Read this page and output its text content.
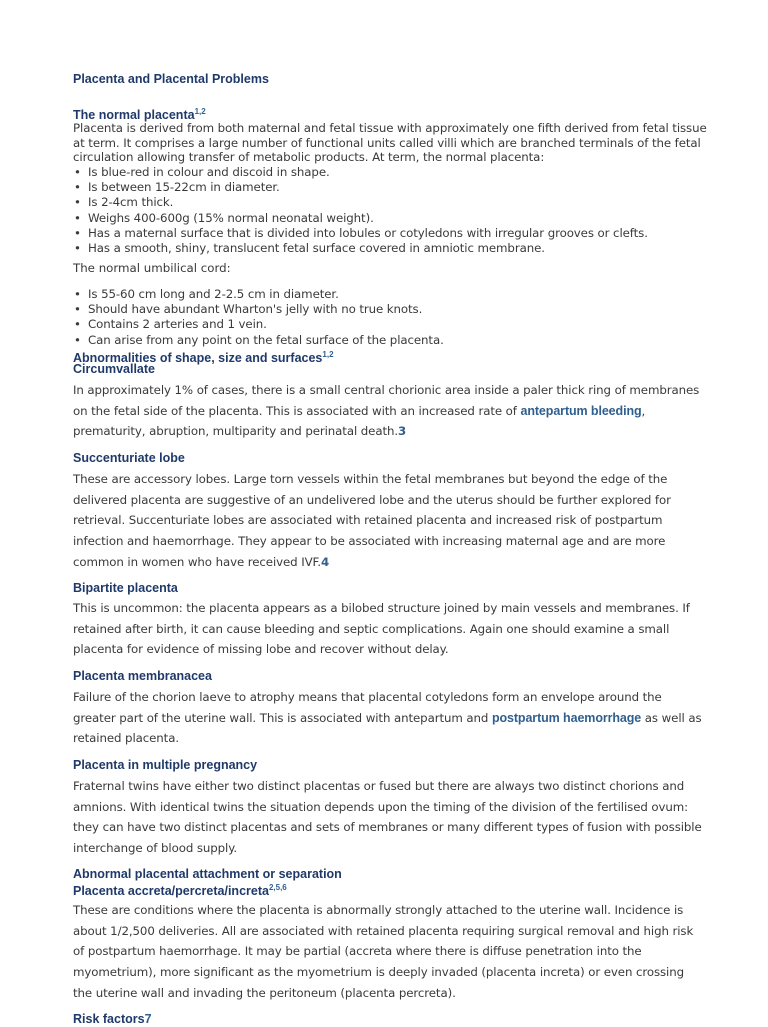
Placenta and Placental Problems
The normal placenta$^{1,2}$

Placenta is derived from both maternal and fetal tissue with approximately one fifth derived from fetal tissue at term. It comprises a large number of functional units called villi which are branched terminals of the fetal circulation allowing transfer of metabolic products. At term, the normal placenta:

• Is blue-red in colour and discoid in shape.
• Is between 15-22cm in diameter.
• Is 2-4cm thick.
• Weighs 400-600g (15% normal neonatal weight).
• Has a maternal surface that is divided into lobules or cotyledons with irregular grooves or clefts.
• Has a smooth, shiny, translucent fetal surface covered in amniotic membrane.

The normal umbilical cord:

• Is 55-60 cm long and 2-2.5 cm in diameter.
• Should have abundant Wharton's jelly with no true knots.
• Contains 2 arteries and 1 vein.
• Can arise from any point on the fetal surface of the placenta.
Abnormalities of shape, size and surfaces$^{1,2}$
Circumvallate

In approximately 1% of cases, there is a small central chorionic area inside a paler thick ring of membranes on the fetal side of the placenta. This is associated with an increased rate of antepartum bleeding, prematurity, abruption, multiparity and perinatal death.3

Succenturiate lobe

These are accessory lobes. Large torn vessels within the fetal membranes but beyond the edge of the delivered placenta are suggestive of an undelivered lobe and the uterus should be further explored for retrieval. Succenturiate lobes are associated with retained placenta and increased risk of postpartum infection and haemorrhage. They appear to be associated with increasing maternal age and are more common in women who have received IVF.4

Bipartite placenta

This is uncommon: the placenta appears as a bilobed structure joined by main vessels and membranes. If retained after birth, it can cause bleeding and septic complications. Again one should examine a small placenta for evidence of missing lobe and recover without delay.

Placenta membranacea

Failure of the chorion laeve to atrophy means that placental cotyledons form an envelope around the greater part of the uterine wall. This is associated with antepartum and postpartum haemorrhage as well as retained placenta.

Placenta in multiple pregnancy

Fraternal twins have either two distinct placentas or fused but there are always two distinct chorions and amnions. With identical twins the situation depends upon the timing of the division of the fertilised ovum: they can have two distinct placentas and sets of membranes or many different types of fusion with possible interchange of blood supply.

Abnormal placental attachment or separation
Placenta accreta/percreta/increta$^{2,5,6}$

These are conditions where the placenta is abnormally strongly attached to the uterine wall. Incidence is about 1/2,500 deliveries. All are associated with retained placenta requiring surgical removal and high risk of postpartum haemorrhage. It may be partial (accreta where there is diffuse penetration into the myometrium), more significant as the myometrium is deeply invaded (placenta increta) or even crossing the uterine wall and invading the peritoneum (placenta percreta).

Risk factors7
